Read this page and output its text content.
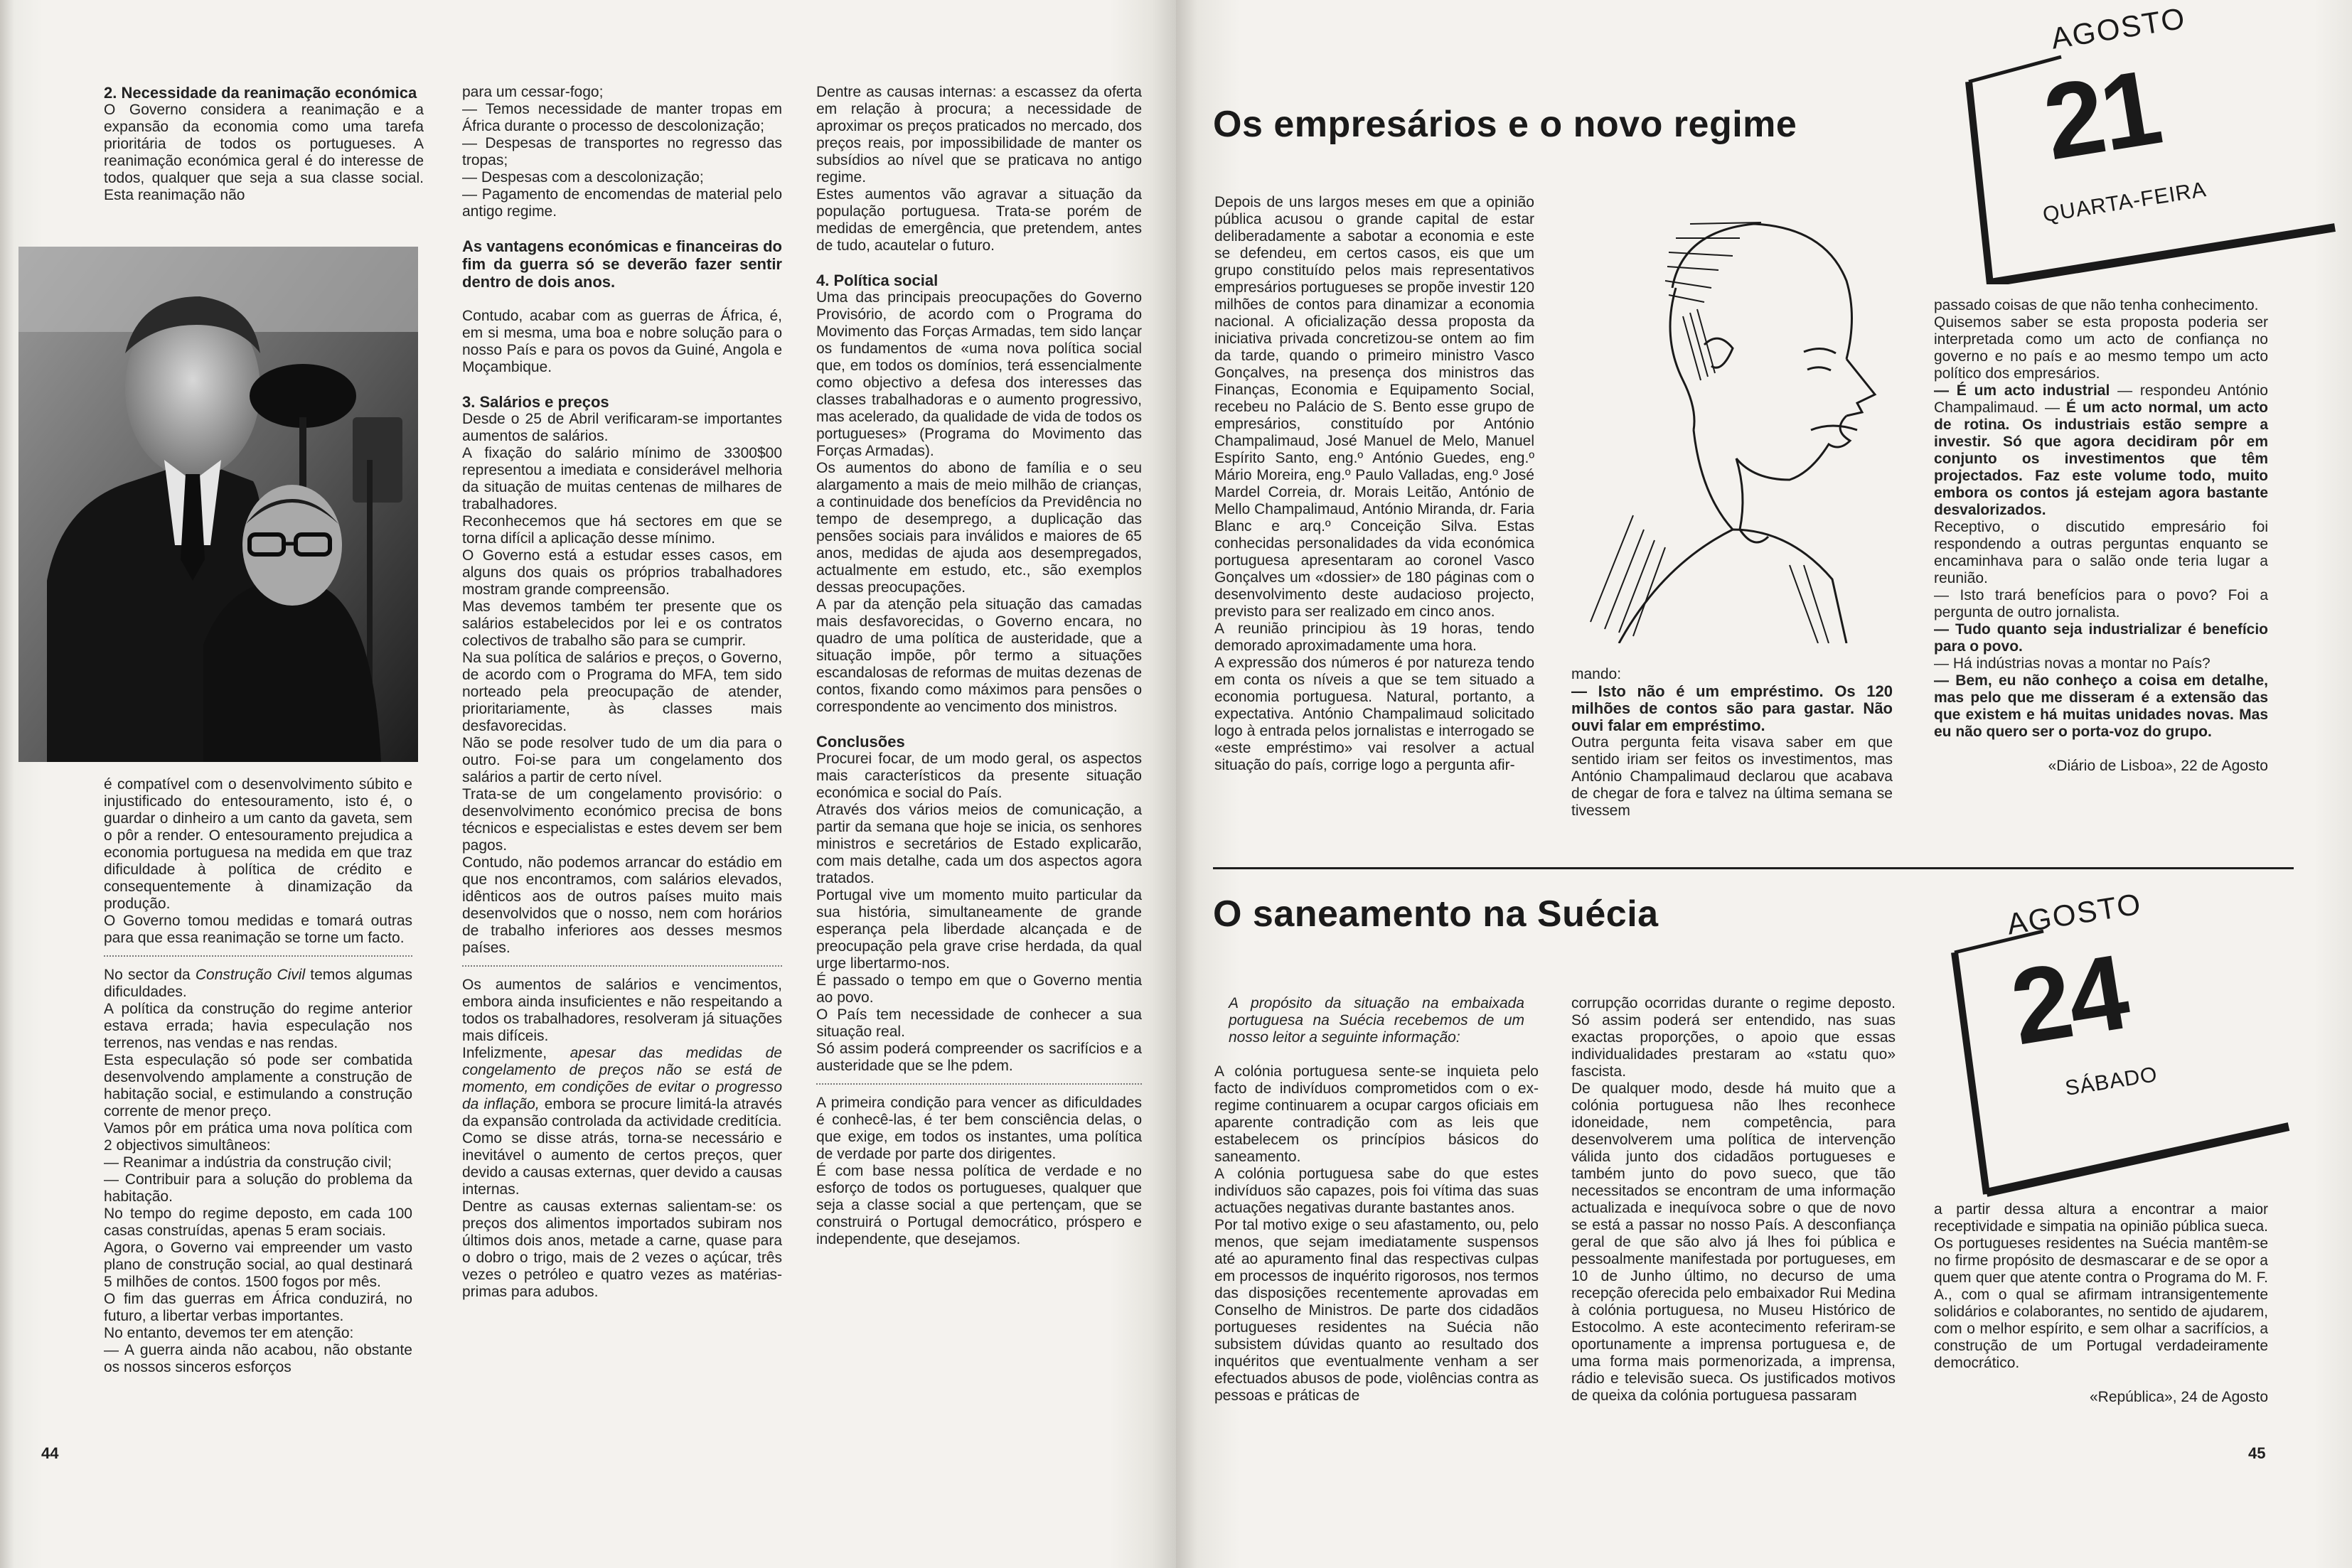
2. Necessidade da reanimação económica

O Governo considera a reanimação e a expansão da economia como uma tarefa prioritária de todos os portugueses. A reanimação económica geral é do interesse de todos, qualquer que seja a sua classe social. Esta reanimação não

é compatível com o desenvolvimento súbito e injustificado do entesouramento, isto é, o guardar o dinheiro a um canto da gaveta, sem o pôr a render. O entesouramento prejudica a economia portuguesa na medida em que traz dificuldade à política de crédito e consequentemente à dinamização da produção.

O Governo tomou medidas e tomará outras para que essa reanimação se torne um facto.

No sector da Construção Civil temos algumas dificuldades.

A política da construção do regime anterior estava errada; havia especulação nos terrenos, nas vendas e nas rendas.

Esta especulação só pode ser combatida desenvolvendo amplamente a construção de habitação social, e estimulando a construção corrente de menor preço.

Vamos pôr em prática uma nova política com 2 objectivos simultâneos:

— Reanimar a indústria da construção civil;

— Contribuir para a solução do problema da habitação.

No tempo do regime deposto, em cada 100 casas construídas, apenas 5 eram sociais.

Agora, o Governo vai empreender um vasto plano de construção social, ao qual destinará 5 milhões de contos. 1500 fogos por mês.

O fim das guerras em África conduzirá, no futuro, a libertar verbas importantes.

No entanto, devemos ter em atenção:

— A guerra ainda não acabou, não obstante os nossos sinceros esforços

44

para um cessar-fogo;

— Temos necessidade de manter tropas em África durante o processo de descolonização;

— Despesas de transportes no regresso das tropas;

— Despesas com a descolonização;

— Pagamento de encomendas de material pelo antigo regime.

As vantagens económicas e financeiras do fim da guerra só se deverão fazer sentir dentro de dois anos.

Contudo, acabar com as guerras de África, é, em si mesma, uma boa e nobre solução para o nosso País e para os povos da Guiné, Angola e Moçambique.

3. Salários e preços

Desde o 25 de Abril verificaram-se importantes aumentos de salários.

A fixação do salário mínimo de 3300$00 representou a imediata e considerável melhoria da situação de muitas centenas de milhares de trabalhadores.

Reconhecemos que há sectores em que se torna difícil a aplicação desse mínimo.

O Governo está a estudar esses casos, em alguns dos quais os próprios trabalhadores mostram grande compreensão.

Mas devemos também ter presente que os salários estabelecidos por lei e os contratos colectivos de trabalho são para se cumprir.

Na sua política de salários e preços, o Governo, de acordo com o Programa do MFA, tem sido norteado pela preocupação de atender, prioritariamente, às classes mais desfavorecidas.

Não se pode resolver tudo de um dia para o outro. Foi-se para um congelamento dos salários a partir de certo nível.

Trata-se de um congelamento provisório: o desenvolvimento económico precisa de bons técnicos e especialistas e estes devem ser bem pagos.

Contudo, não podemos arrancar do estádio em que nos encontramos, com salários elevados, idênticos aos de outros países muito mais desenvolvidos que o nosso, nem com horários de trabalho inferiores aos desses mesmos países.

Os aumentos de salários e vencimentos, embora ainda insuficientes e não respeitando a todos os trabalhadores, resolveram já situações mais difíceis.

Infelizmente, apesar das medidas de congelamento de preços não se está de momento, em condições de evitar o progresso da inflação, embora se procure limitá-la através da expansão controlada da actividade creditícia.

Como se disse atrás, torna-se necessário e inevitável o aumento de certos preços, quer devido a causas externas, quer devido a causas internas.

Dentre as causas externas salientam-se: os preços dos alimentos importados subiram nos últimos dois anos, metade a carne, quase para o dobro o trigo, mais de 2 vezes o açúcar, três vezes o petróleo e quatro vezes as matérias-primas para adubos.

Dentre as causas internas: a escassez da oferta em relação à procura; a necessidade de aproximar os preços praticados no mercado, dos preços reais, por impossibilidade de manter os subsídios ao nível que se praticava no antigo regime.

Estes aumentos vão agravar a situação da população portuguesa. Trata-se porém de medidas de emergência, que pretendem, antes de tudo, acautelar o futuro.

4. Política social

Uma das principais preocupações do Governo Provisório, de acordo com o Programa do Movimento das Forças Armadas, tem sido lançar os fundamentos de «uma nova política social que, em todos os domínios, terá essencialmente como objectivo a defesa dos interesses das classes trabalhadoras e o aumento progressivo, mas acelerado, da qualidade de vida de todos os portugueses» (Programa do Movimento das Forças Armadas).

Os aumentos do abono de família e o seu alargamento a mais de meio milhão de crianças, a continuidade dos benefícios da Previdência no tempo de desemprego, a duplicação das pensões sociais para inválidos e maiores de 65 anos, medidas de ajuda aos desempregados, actualmente em estudo, etc., são exemplos dessas preocupações.

A par da atenção pela situação das camadas mais desfavorecidas, o Governo encara, no quadro de uma política de austeridade, que a situação impõe, pôr termo a situações escandalosas de reformas de muitas dezenas de contos, fixando como máximos para pensões o correspondente ao vencimento dos ministros.

Conclusões

Procurei focar, de um modo geral, os aspectos mais característicos da presente situação económica e social do País.

Através dos vários meios de comunicação, a partir da semana que hoje se inicia, os senhores ministros e secretários de Estado explicarão, com mais detalhe, cada um dos aspectos agora tratados.

Portugal vive um momento muito particular da sua história, simultaneamente de grande esperança pela liberdade alcançada e de preocupação pela grave crise herdada, da qual urge libertarmo-nos.

É passado o tempo em que o Governo mentia ao povo.

O País tem necessidade de conhecer a sua situação real.

Só assim poderá compreender os sacrifícios e a austeridade que se lhe pdem.

A primeira condição para vencer as dificuldades é conhecê-las, é ter bem consciência delas, o que exige, em todos os instantes, uma política de verdade por parte dos dirigentes.

É com base nessa política de verdade e no esforço de todos os portugueses, qualquer que seja a classe social a que pertençam, que se construirá o Portugal democrático, próspero e independente, que desejamos.

Os empresários e o novo regime
AGOSTO
21
QUARTA-FEIRA

Depois de uns largos meses em que a opinião pública acusou o grande capital de estar deliberadamente a sabotar a economia e este se defendeu, em certos casos, eis que um grupo constituído pelos mais representativos empresários portugueses se propõe investir 120 milhões de contos para dinamizar a economia nacional. A oficialização dessa proposta da iniciativa privada concretizou-se ontem ao fim da tarde, quando o primeiro ministro Vasco Gonçalves, na presença dos ministros das Finanças, Economia e Equipamento Social, recebeu no Palácio de S. Bento esse grupo de empresários, constituído por António Champalimaud, José Manuel de Melo, Manuel Espírito Santo, eng.º António Guedes, eng.º Mário Moreira, eng.º Paulo Valladas, eng.º José Mardel Correia, dr. Morais Leitão, António de Mello Champalimaud, António Miranda, dr. Faria Blanc e arq.º Conceição Silva. Estas conhecidas personalidades da vida económica portuguesa apresentaram ao coronel Vasco Gonçalves um «dossier» de 180 páginas com o desenvolvimento deste audacioso projecto, previsto para ser realizado em cinco anos.

A reunião principiou às 19 horas, tendo demorado aproximadamente uma hora.

A expressão dos números é por natureza tendo em conta os níveis a que se tem situado a economia portuguesa. Natural, portanto, a expectativa. António Champalimaud solicitado logo à entrada pelos jornalistas e interrogado se «este empréstimo» vai resolver a actual situação do país, corrige logo a pergunta afir-

mando:

— Isto não é um empréstimo. Os 120 milhões de contos são para gastar. Não ouvi falar em empréstimo.

Outra pergunta feita visava saber em que sentido iriam ser feitos os investimentos, mas António Champalimaud declarou que acabava de chegar de fora e talvez na última semana se tivessem

passado coisas de que não tenha conhecimento.

Quisemos saber se esta proposta poderia ser interpretada como um acto de confiança no governo e no país e ao mesmo tempo um acto político dos empresários.

— É um acto industrial — respondeu António Champalimaud. — É um acto normal, um acto de rotina. Os industriais estão sempre a investir. Só que agora decidiram pôr em conjunto os investimentos que têm projectados. Faz este volume todo, muito embora os contos já estejam agora bastante desvalorizados.

Receptivo, o discutido empresário foi respondendo a outras perguntas enquanto se encaminhava para o salão onde teria lugar a reunião.

— Isto trará benefícios para o povo? Foi a pergunta de outro jornalista.

— Tudo quanto seja industrializar é benefício para o povo.

— Há indústrias novas a montar no País?

— Bem, eu não conheço a coisa em detalhe, mas pelo que me disseram é a extensão das que existem e há muitas unidades novas. Mas eu não quero ser o porta-voz do grupo.

«Diário de Lisboa», 22 de Agosto

O saneamento na Suécia	AGOSTO
24
SÁBADO

A propósito da situação na embaixada portuguesa na Suécia recebemos de um nosso leitor a seguinte informação:

A colónia portuguesa sente-se inquieta pelo facto de indivíduos comprometidos com o ex-regime continuarem a ocupar cargos oficiais em aparente contradição com as leis que estabelecem os princípios básicos do saneamento.

A colónia portuguesa sabe do que estes indivíduos são capazes, pois foi vítima das suas actuações negativas durante bastantes anos.

Por tal motivo exige o seu afastamento, ou, pelo menos, que sejam imediatamente suspensos até ao apuramento final das respectivas culpas em processos de inquérito rigorosos, nos termos das disposições recentemente aprovadas em Conselho de Ministros. De parte dos cidadãos portugueses residentes na Suécia não subsistem dúvidas quanto ao resultado dos inquéritos que eventualmente venham a ser efectuados abusos de pode, violências contra as pessoas e práticas de

corrupção ocorridas durante o regime deposto. Só assim poderá ser entendido, nas suas exactas proporções, o apoio que essas individualidades prestaram ao «statu quo» fascista.

De qualquer modo, desde há muito que a colónia portuguesa não lhes reconhece idoneidade, nem competência, para desenvolverem uma política de intervenção válida junto dos cidadãos portugueses e também junto do povo sueco, que tão necessitados se encontram de uma informação actualizada e inequívoca sobre o que de novo se está a passar no nosso País. A desconfiança geral de que são alvo já lhes foi pública e pessoalmente manifestada por portugueses, em 10 de Junho último, no decurso de uma recepção oferecida pelo embaixador Rui Medina à colónia portuguesa, no Museu Histórico de Estocolmo. A este acontecimento referiram-se oportunamente a imprensa portuguesa e, de uma forma mais pormenorizada, a imprensa, rádio e televisão sueca. Os justificados motivos de queixa da colónia portuguesa passaram

a partir dessa altura a encontrar a maior receptividade e simpatia na opinião pública sueca. Os portugueses residentes na Suécia mantêm-se no firme propósito de desmascarar e de se opor a quem quer que atente contra o Programa do M. F. A., com o qual se afirmam intransigentemente solidários e colaborantes, no sentido de ajudarem, com o melhor espírito, e sem olhar a sacrifícios, a construção de um Portugal verdadeiramente democrático.

«República», 24 de Agosto

45
